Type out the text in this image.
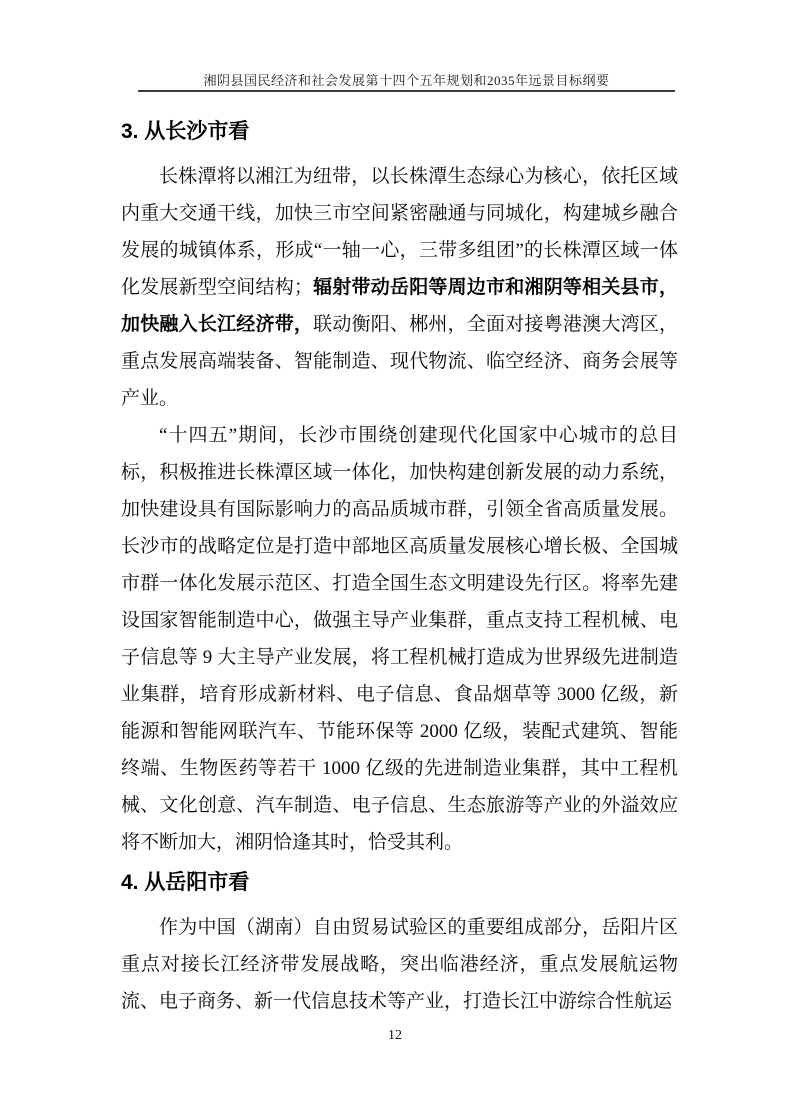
湘阴县国民经济和社会发展第十四个五年规划和2035年远景目标纲要
3. 从长沙市看

长株潭将以湘江为纽带，以长株潭生态绿心为核心，依托区域内重大交通干线，加快三市空间紧密融通与同城化，构建城乡融合发展的城镇体系，形成“一轴一心，三带多组团”的长株潭区域一体化发展新型空间结构；辐射带动岳阳等周边市和湘阴等相关县市，加快融入长江经济带，联动衡阳、郴州，全面对接粤港澳大湾区，重点发展高端装备、智能制造、现代物流、临空经济、商务会展等产业。

“十四五”期间，长沙市围绕创建现代化国家中心城市的总目标，积极推进长株潭区域一体化，加快构建创新发展的动力系统，加快建设具有国际影响力的高品质城市群，引领全省高质量发展。长沙市的战略定位是打造中部地区高质量发展核心增长极、全国城市群一体化发展示范区、打造全国生态文明建设先行区。将率先建设国家智能制造中心，做强主导产业集群，重点支持工程机械、电子信息等 9 大主导产业发展，将工程机械打造成为世界级先进制造业集群，培育形成新材料、电子信息、食品烟草等 3000 亿级，新能源和智能网联汽车、节能环保等 2000 亿级，装配式建筑、智能终端、生物医药等若干 1000 亿级的先进制造业集群，其中工程机械、文化创意、汽车制造、电子信息、生态旅游等产业的外溢效应将不断加大，湘阴恰逢其时，恰受其利。

4. 从岳阳市看

作为中国（湖南）自由贸易试验区的重要组成部分，岳阳片区重点对接长江经济带发展战略，突出临港经济，重点发展航运物流、电子商务、新一代信息技术等产业，打造长江中游综合性航运

12
